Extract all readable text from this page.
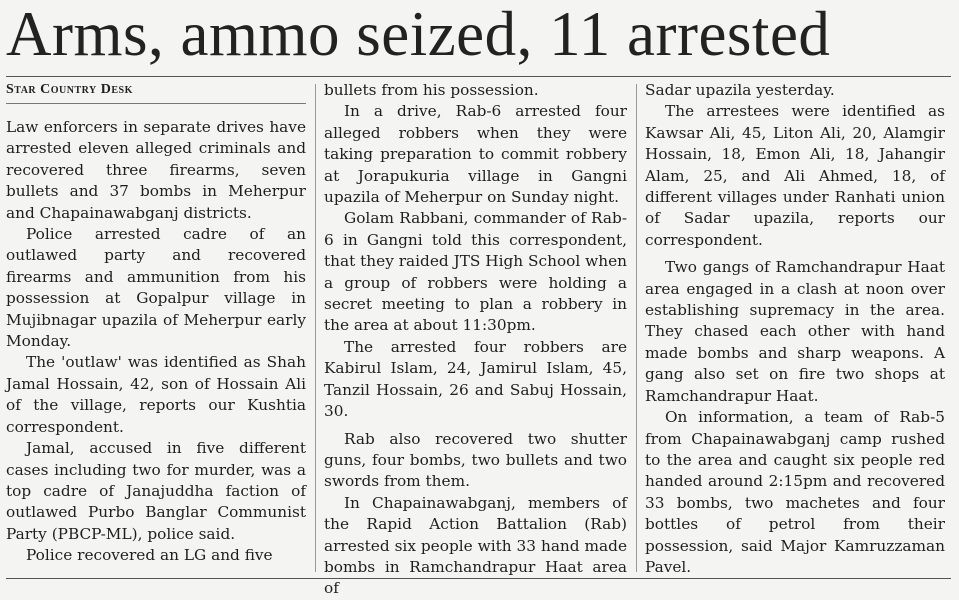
Arms, ammo seized, 11 arrested
Star Country Desk

Law enforcers in separate drives have arrested eleven alleged criminals and recovered three firearms, seven bullets and 37 bombs in Meherpur and Chapainawabganj districts.

Police arrested cadre of an outlawed party and recovered firearms and ammunition from his possession at Gopalpur village in Mujibnagar upazila of Meherpur early Monday.

The 'outlaw' was identified as Shah Jamal Hossain, 42, son of Hossain Ali of the village, reports our Kushtia correspondent.

Jamal, accused in five different cases including two for murder, was a top cadre of Janajuddha faction of outlawed Purbo Banglar Communist Party (PBCP-ML), police said.

Police recovered an LG and five

bullets from his possession.

In a drive, Rab-6 arrested four alleged robbers when they were taking preparation to commit robbery at Jorapukuria village in Gangni upazila of Meherpur on Sunday night.

Golam Rabbani, commander of Rab-6 in Gangni told this correspondent, that they raided JTS High School when a group of robbers were holding a secret meeting to plan a robbery in the area at about 11:30pm.

The arrested four robbers are Kabirul Islam, 24, Jamirul Islam, 45, Tanzil Hossain, 26 and Sabuj Hossain, 30.

Rab also recovered two shutter guns, four bombs, two bullets and two swords from them.

In Chapainawabganj, members of the Rapid Action Battalion (Rab) arrested six people with 33 hand made bombs in Ramchandrapur Haat area of

Sadar upazila yesterday.

The arrestees were identified as Kawsar Ali, 45, Liton Ali, 20, Alamgir Hossain, 18, Emon Ali, 18, Jahangir Alam, 25, and Ali Ahmed, 18, of different villages under Ranhati union of Sadar upazila, reports our correspondent.

Two gangs of Ramchandrapur Haat area engaged in a clash at noon over establishing supremacy in the area. They chased each other with hand made bombs and sharp weapons. A gang also set on fire two shops at Ramchandrapur Haat.

On information, a team of Rab-5 from Chapainawabganj camp rushed to the area and caught six people red handed around 2:15pm and recovered 33 bombs, two machetes and four bottles of petrol from their possession, said Major Kamruzzaman Pavel.
